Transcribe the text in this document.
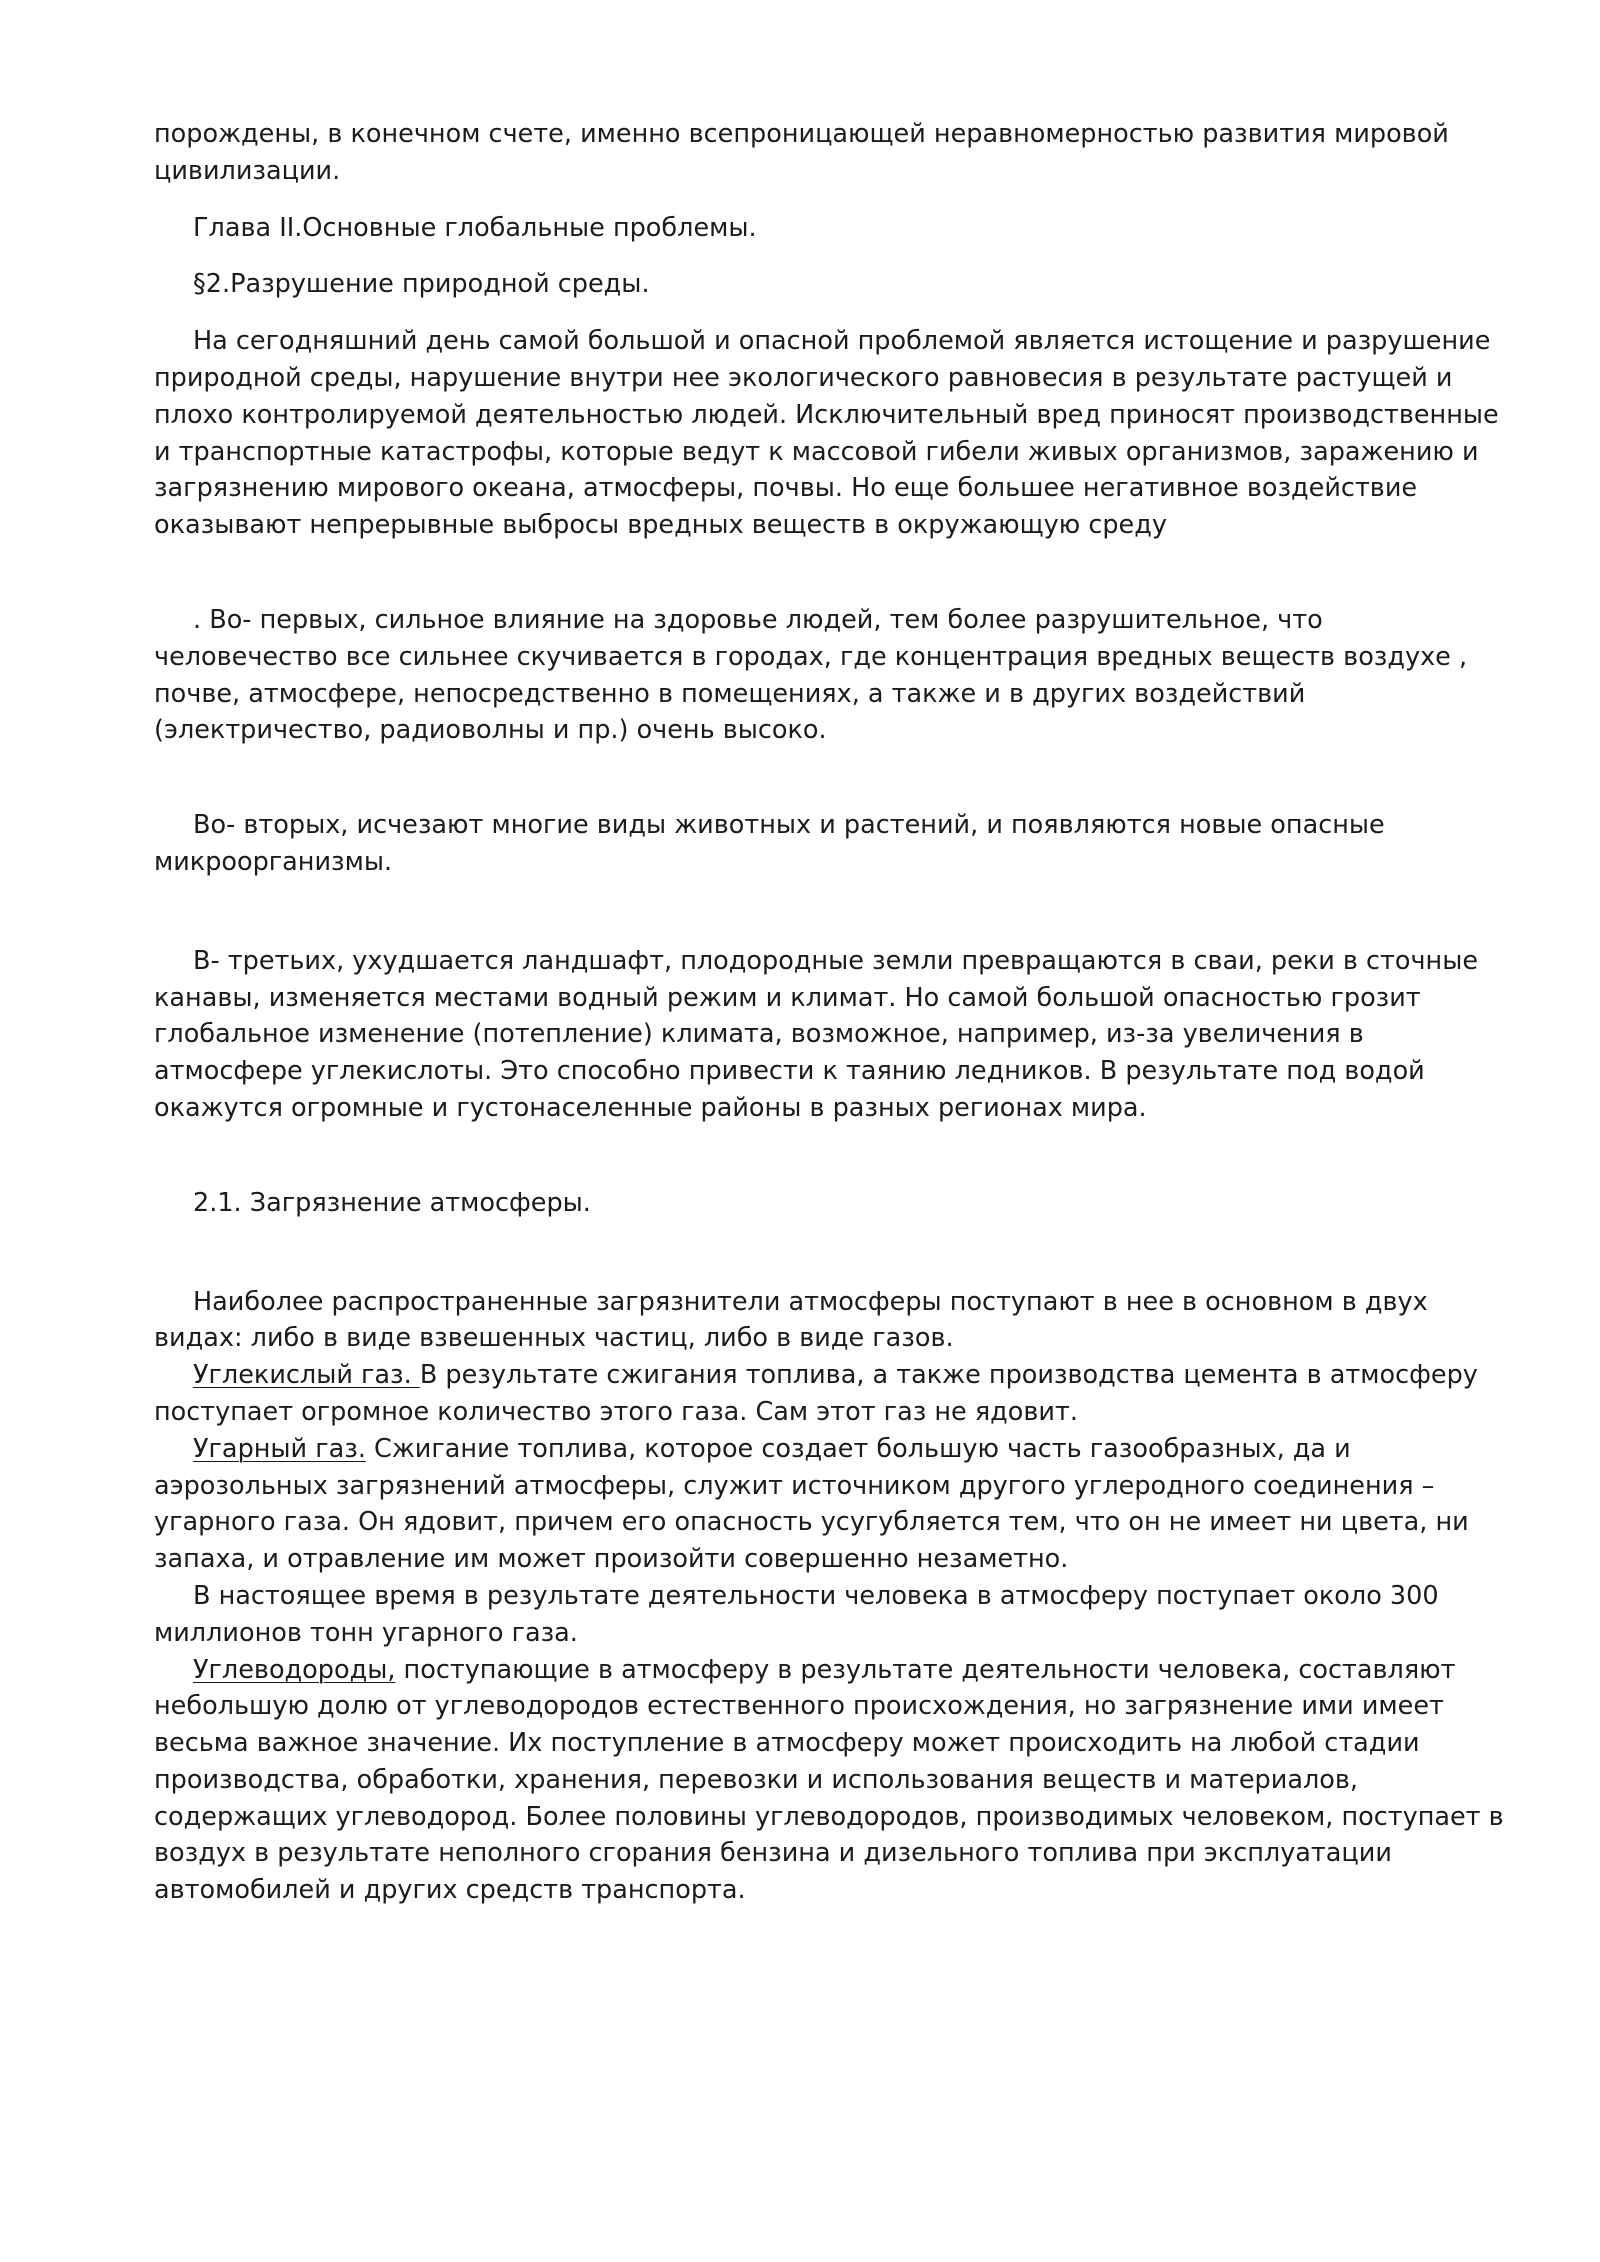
порождены, в конечном счете, именно всепроницающей неравномерностью развития мировой цивилизации.

Глава II.Основные глобальные проблемы.

§2.Разрушение природной среды.

На сегодняшний день самой большой и опасной проблемой является истощение и разрушение природной среды, нарушение внутри нее экологического равновесия в результате растущей и плохо контролируемой деятельностью людей. Исключительный вред приносят производственные и транспортные катастрофы, которые ведут к массовой гибели живых организмов, заражению и загрязнению мирового океана, атмосферы, почвы. Но еще большее негативное воздействие оказывают непрерывные выбросы вредных веществ в окружающую среду

. Во- первых, сильное влияние на здоровье людей, тем более разрушительное, что человечество все сильнее скучивается в городах, где концентрация вредных веществ воздухе , почве, атмосфере, непосредственно в помещениях, а также и в других воздействий (электричество, радиоволны и пр.) очень высоко.

Во- вторых, исчезают многие виды животных и растений, и появляются новые опасные микроорганизмы.

В- третьих, ухудшается ландшафт, плодородные земли превращаются в сваи, реки в сточные канавы, изменяется местами водный режим и климат. Но самой большой опасностью грозит глобальное изменение (потепление) климата, возможное, например, из-за увеличения в атмосфере углекислоты. Это способно привести к таянию ледников. В результате под водой окажутся огромные и густонаселенные районы в разных регионах мира.

2.1. Загрязнение атмосферы.

Наиболее распространенные загрязнители атмосферы поступают в нее в основном в двух видах: либо в виде взвешенных частиц, либо в виде газов.

Углекислый газ. В результате сжигания топлива, а также производства цемента в атмосферу поступает огромное количество этого газа. Сам этот газ не ядовит.

Угарный газ. Сжигание топлива, которое создает большую часть газообразных, да и аэрозольных загрязнений атмосферы, служит источником другого углеродного соединения – угарного газа. Он ядовит, причем его опасность усугубляется тем, что он не имеет ни цвета, ни запаха, и отравление им может произойти совершенно незаметно.

В настоящее время в результате деятельности человека в атмосферу поступает около 300 миллионов тонн угарного газа.

Углеводороды, поступающие в атмосферу в результате деятельности человека, составляют небольшую долю от углеводородов естественного происхождения, но загрязнение ими имеет весьма важное значение. Их поступление в атмосферу может происходить на любой стадии производства, обработки, хранения, перевозки и использования веществ и материалов, содержащих углеводород. Более половины углеводородов, производимых человеком, поступает в воздух в результате неполного сгорания бензина и дизельного топлива при эксплуатации автомобилей и других средств транспорта.
